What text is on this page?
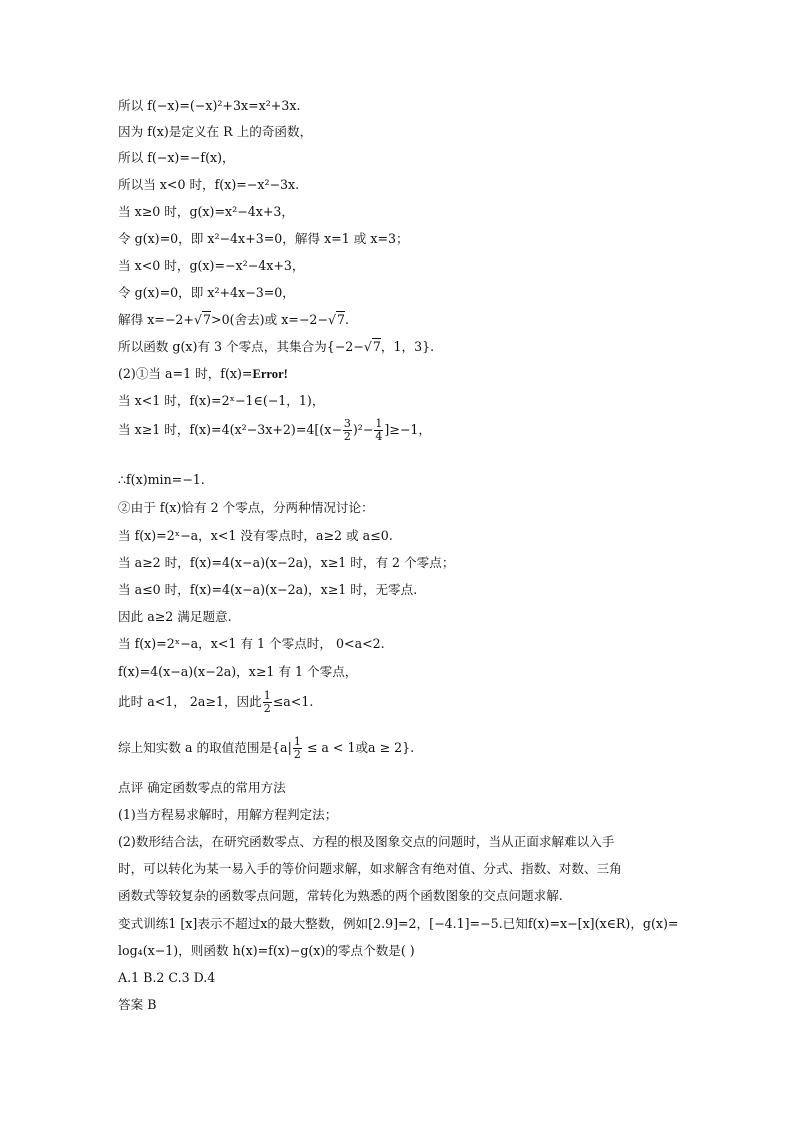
所以 f(−x)=(−x)²+3x=x²+3x.
因为 f(x)是定义在 R 上的奇函数，
所以 f(−x)=−f(x)，
所以当 x<0 时，f(x)=−x²−3x.
当 x≥0 时，g(x)=x²−4x+3，
令 g(x)=0，即 x²−4x+3=0，解得 x=1 或 x=3；
当 x<0 时，g(x)=−x²−4x+3，
令 g(x)=0，即 x²+4x−3=0，
解得 x=−2+√7>0(舍去)或 x=−2−√7.
所以函数 g(x)有 3 个零点，其集合为{−2−√7，1，3}.
(2)①当 a=1 时，f(x)=Error!
当 x<1 时，f(x)=2ˣ−1∈(−1，1)，
当 x≥1 时，$f(x)=4(x^2-3x+2)=4[(x- \frac{3}{2} )^2- \frac{1}{4} ]\ge-1$，
∴f(x)min=−1.
②由于 f(x)恰有 2 个零点，分两种情况讨论：
当 f(x)=2ˣ−a，x<1 没有零点时，a≥2 或 a≤0.
当 a≥2 时，f(x)=4(x−a)(x−2a)，x≥1 时，有 2 个零点；
当 a≤0 时，f(x)=4(x−a)(x−2a)，x≥1 时，无零点.
因此 a≥2 满足题意.
当 f(x)=2ˣ−a，x<1 有 1 个零点时， 0<a<2.
f(x)=4(x−a)(x−2a)，x≥1 有 1 个零点，
此时 a<1， 2a≥1，因此 $\frac{1}{2} \le a<1$.
综上知实数 a 的取值范围是{$a| \frac{1}{2} \le a < 1$或a ≥ 2}.
点评 确定函数零点的常用方法
(1)当方程易求解时，用解方程判定法；
(2)数形结合法，在研究函数零点、方程的根及图象交点的问题时，当从正面求解难以入手
时，可以转化为某一易入手的等价问题求解，如求解含有绝对值、分式、指数、对数、三角
函数式等较复杂的函数零点问题，常转化为熟悉的两个函数图象的交点问题求解.
变式训练1 [x]表示不超过x的最大整数，例如[2.9]=2，[−4.1]=−5.已知f(x)=x−[x](x∈R)，g(x)=
log₄(x−1)，则函数 h(x)=f(x)−g(x)的零点个数是( )
A.1 B.2 C.3 D.4
答案 B
